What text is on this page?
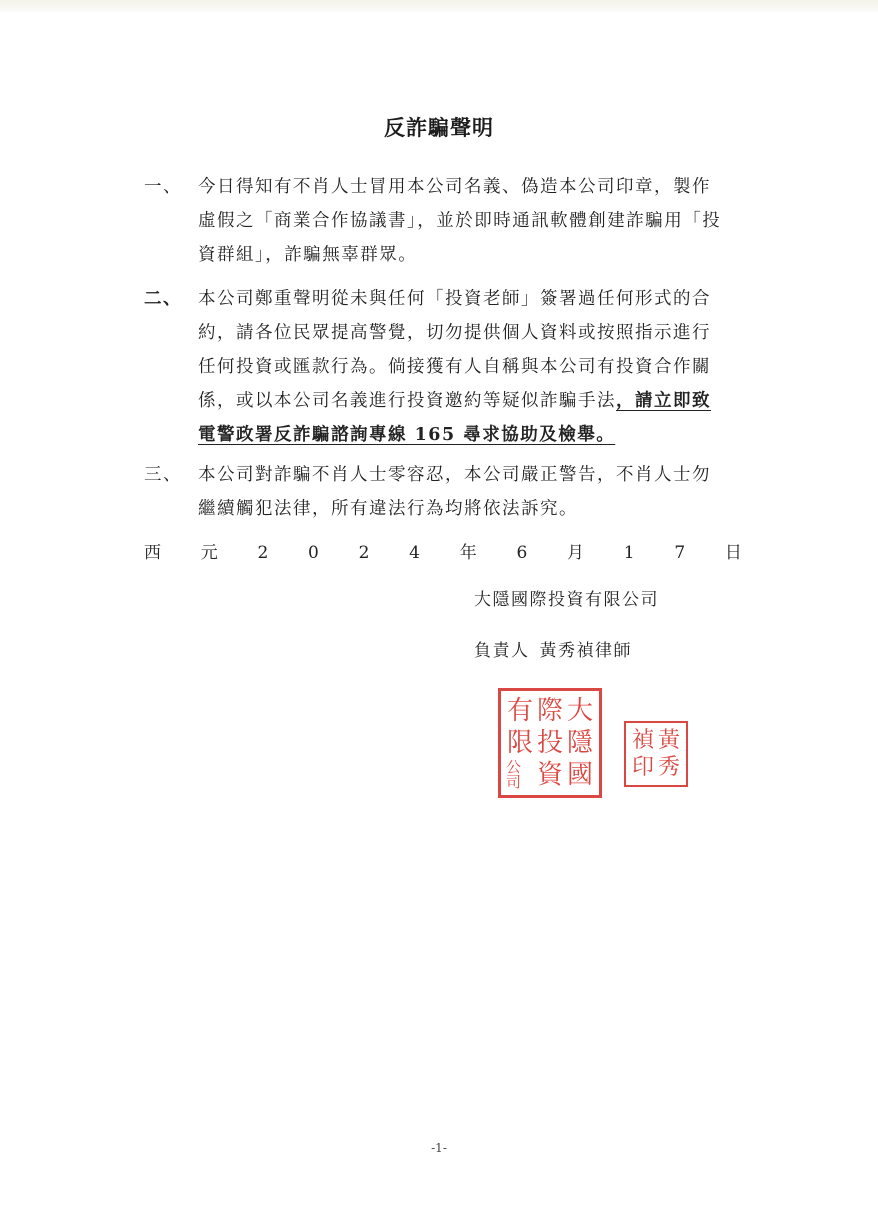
反詐騙聲明
一、 今日得知有不肖人士冒用本公司名義、偽造本公司印章，製作
虛假之「商業合作協議書」，並於即時通訊軟體創建詐騙用「投
資群組」，詐騙無辜群眾。
二、 本公司鄭重聲明從未與任何「投資老師」簽署過任何形式的合
約，請各位民眾提高警覺，切勿提供個人資料或按照指示進行
任何投資或匯款行為。倘接獲有人自稱與本公司有投資合作關
係，或以本公司名義進行投資邀約等疑似詐騙手法，請立即致
電警政署反詐騙諮詢專線 165 尋求協助及檢舉。
三、 本公司對詐騙不肖人士零容忍，本公司嚴正警告，不肖人士勿
繼續觸犯法律，所有違法行為均將依法訴究。
西 元 2 0 2 4 年 6 月 1 7 日
大隱國際投資有限公司
負責人 黃秀禎律師
大
隱
國
際
投
資
有
限
公司
黃
秀
禎
印
-1-
